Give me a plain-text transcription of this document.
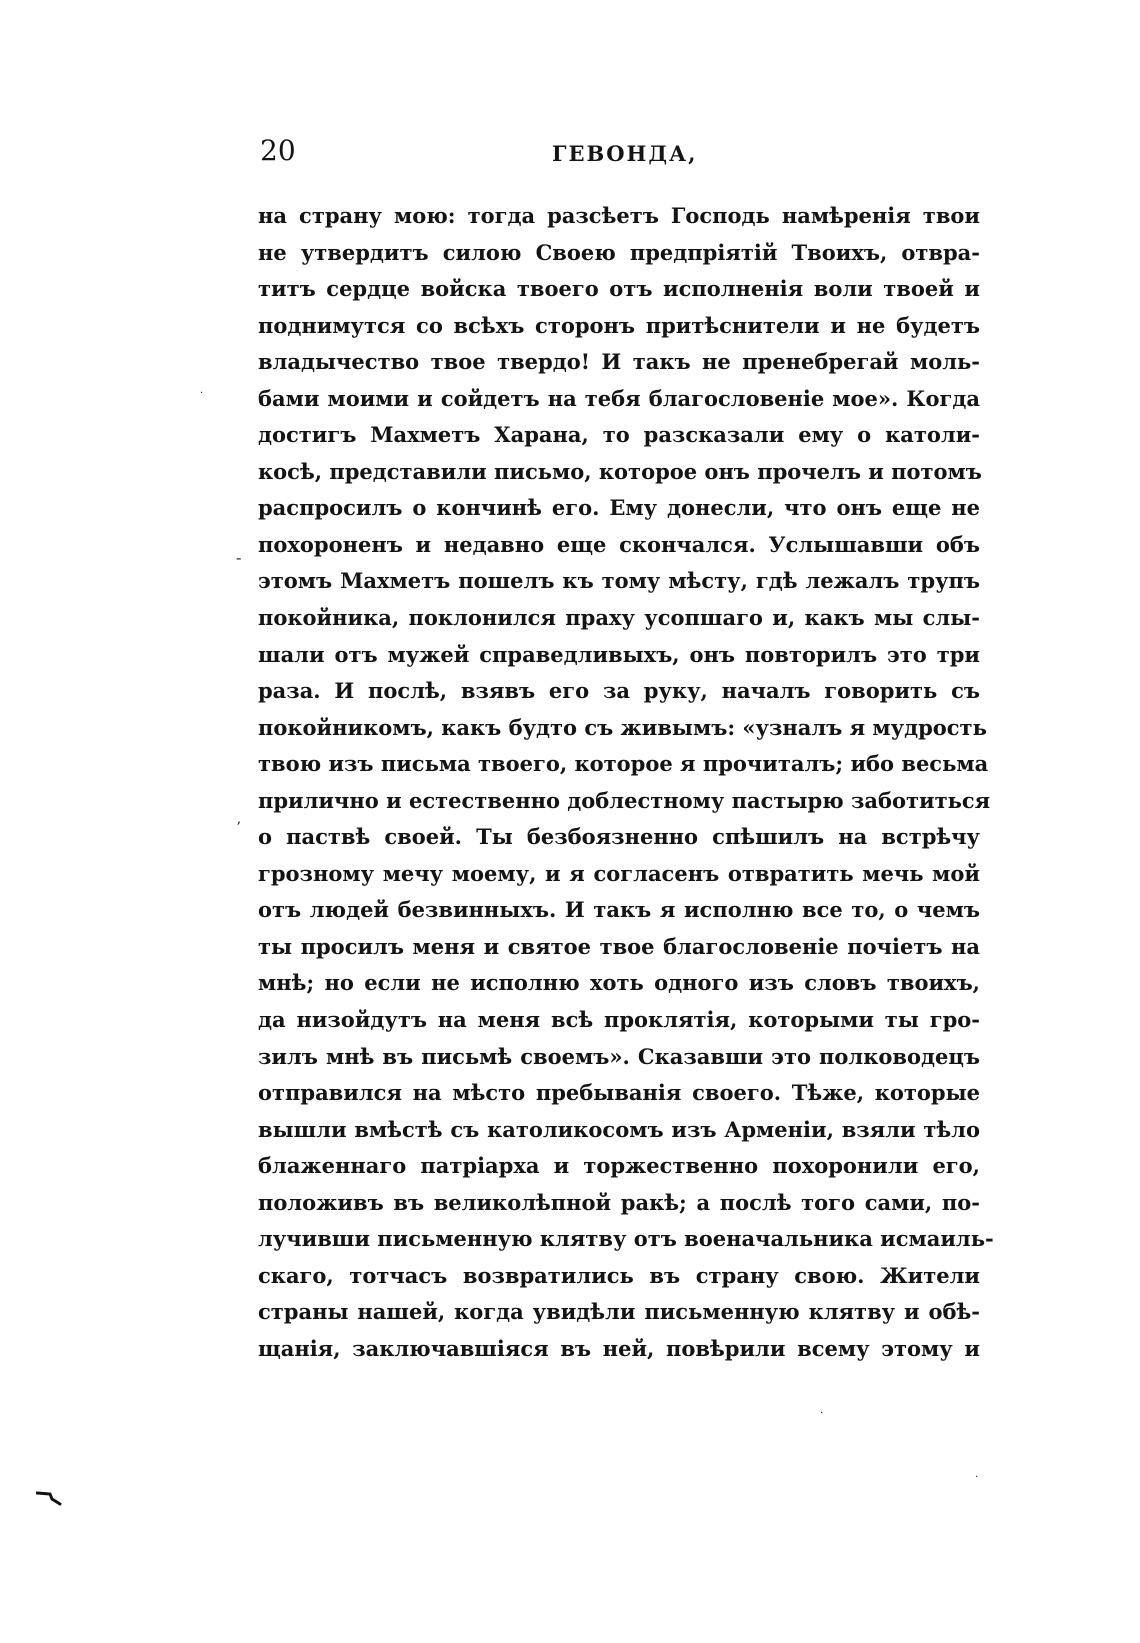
20	ГЕВОНДА,
на страну мою: тогда разсѣетъ Господь намѣренія твои
не утвердитъ силою Своею предпріятій Твоихъ, отвра-
титъ сердце войска твоего отъ исполненія воли твоей и
поднимутся со всѣхъ сторонъ притѣснители и не будетъ
владычество твое твердо! И такъ не пренебрегай моль-
бами моими и сойдетъ на тебя благословеніе мое». Когда
достигъ Махметъ Харана, то разсказали ему о католи-
косѣ, представили письмо, которое онъ прочелъ и потомъ
распросилъ о кончинѣ его. Ему донесли, что онъ еще не
похороненъ и недавно еще скончался. Услышавши объ
этомъ Махметъ пошелъ къ тому мѣсту, гдѣ лежалъ трупъ
покойника, поклонился праху усопшаго и, какъ мы слы-
шали отъ мужей справедливыхъ, онъ повторилъ это три
раза. И послѣ, взявъ его за руку, началъ говорить съ
покойникомъ, какъ будто съ живымъ: «узналъ я мудрость
твою изъ письма твоего, которое я прочиталъ; ибо весьма
прилично и естественно доблестному пастырю заботиться
о паствѣ своей. Ты безбоязненно спѣшилъ на встрѣчу
грозному мечу моему, и я согласенъ отвратить мечь мой
отъ людей безвинныхъ. И такъ я исполню все то, о чемъ
ты просилъ меня и святое твое благословеніе почіетъ на
мнѣ; но если не исполню хоть одного изъ словъ твоихъ,
да низойдутъ на меня всѣ проклятія, которыми ты гро-
зилъ мнѣ въ письмѣ своемъ». Сказавши это полководецъ
отправился на мѣсто пребыванія своего. Тѣже, которые
вышли вмѣстѣ съ католикосомъ изъ Арменіи, взяли тѣло
блаженнаго патріарха и торжественно похоронили его,
положивъ въ великолѣпной ракѣ; а послѣ того сами, по-
лучивши письменную клятву отъ военачальника исмаиль-
скаго, тотчасъ возвратились въ страну свою. Жители
страны нашей, когда увидѣли письменную клятву и обѣ-
щанія, заключавшіяся въ ней, повѣрили всему этому и
-
ʼ
·
·
·
